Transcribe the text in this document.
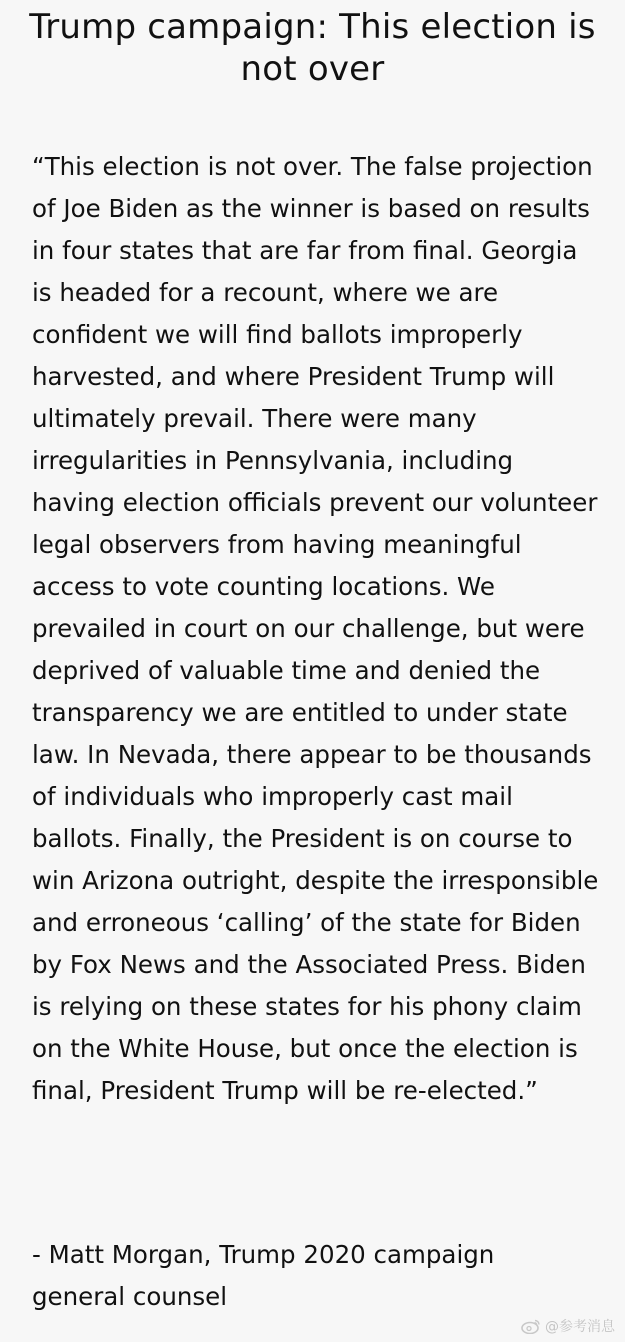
Trump campaign: This election is not over

“This election is not over. The false projection of Joe Biden as the winner is based on results in four states that are far from final. Georgia is headed for a recount, where we are confident we will find ballots improperly harvested, and where President Trump will ultimately prevail. There were many irregularities in Pennsylvania, including having election officials prevent our volunteer legal observers from having meaningful access to vote counting locations. We prevailed in court on our challenge, but were deprived of valuable time and denied the transparency we are entitled to under state law. In Nevada, there appear to be thousands of individuals who improperly cast mail ballots. Finally, the President is on course to win Arizona outright, despite the irresponsible and erroneous ‘calling’ of the state for Biden by Fox News and the Associated Press. Biden is relying on these states for his phony claim on the White House, but once the election is final, President Trump will be re-elected.”

- Matt Morgan, Trump 2020 campaign general counsel

@参考消息
